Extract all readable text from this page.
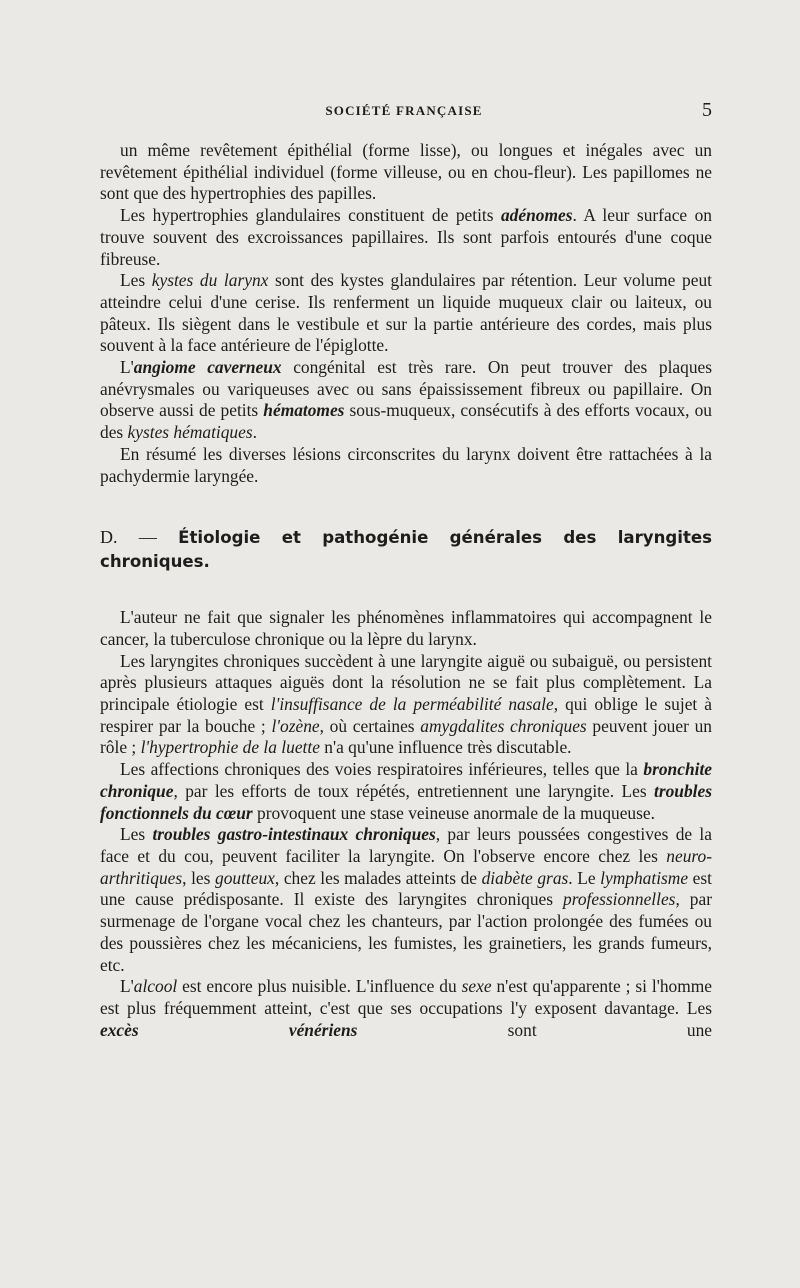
SOCIÉTÉ FRANÇAISE	5

un même revêtement épithélial (forme lisse), ou longues et inégales avec un revêtement épithélial individuel (forme villeuse, ou en chou-fleur). Les papillomes ne sont que des hypertrophies des papilles.

Les hypertrophies glandulaires constituent de petits adénomes. A leur surface on trouve souvent des excroissances papillaires. Ils sont parfois entourés d'une coque fibreuse.

Les kystes du larynx sont des kystes glandulaires par rétention. Leur volume peut atteindre celui d'une cerise. Ils renferment un liquide muqueux clair ou laiteux, ou pâteux. Ils siègent dans le vestibule et sur la partie antérieure des cordes, mais plus souvent à la face antérieure de l'épiglotte.

L'angiome caverneux congénital est très rare. On peut trouver des plaques anévrysmales ou variqueuses avec ou sans épaississement fibreux ou papillaire. On observe aussi de petits hématomes sous-muqueux, consécutifs à des efforts vocaux, ou des kystes hématiques.

En résumé les diverses lésions circonscrites du larynx doivent être rattachées à la pachydermie laryngée.

D. — Étiologie et pathogénie générales des laryngites chroniques.

L'auteur ne fait que signaler les phénomènes inflammatoires qui accompagnent le cancer, la tuberculose chronique ou la lèpre du larynx.

Les laryngites chroniques succèdent à une laryngite aiguë ou subaiguë, ou persistent après plusieurs attaques aiguës dont la résolution ne se fait plus complètement. La principale étiologie est l'insuffisance de la perméabilité nasale, qui oblige le sujet à respirer par la bouche ; l'ozène, où certaines amygdalites chroniques peuvent jouer un rôle ; l'hypertrophie de la luette n'a qu'une influence très discutable.

Les affections chroniques des voies respiratoires inférieures, telles que la bronchite chronique, par les efforts de toux répétés, entretiennent une laryngite. Les troubles fonctionnels du cœur provoquent une stase veineuse anormale de la muqueuse.

Les troubles gastro-intestinaux chroniques, par leurs poussées congestives de la face et du cou, peuvent faciliter la laryngite. On l'observe encore chez les neuro-arthritiques, les goutteux, chez les malades atteints de diabète gras. Le lymphatisme est une cause prédisposante. Il existe des laryngites chroniques professionnelles, par surmenage de l'organe vocal chez les chanteurs, par l'action prolongée des fumées ou des poussières chez les mécaniciens, les fumistes, les grainetiers, les grands fumeurs, etc.

L'alcool est encore plus nuisible. L'influence du sexe n'est qu'apparente ; si l'homme est plus fréquemment atteint, c'est que ses occupations l'y exposent davantage. Les excès vénériens sont une
